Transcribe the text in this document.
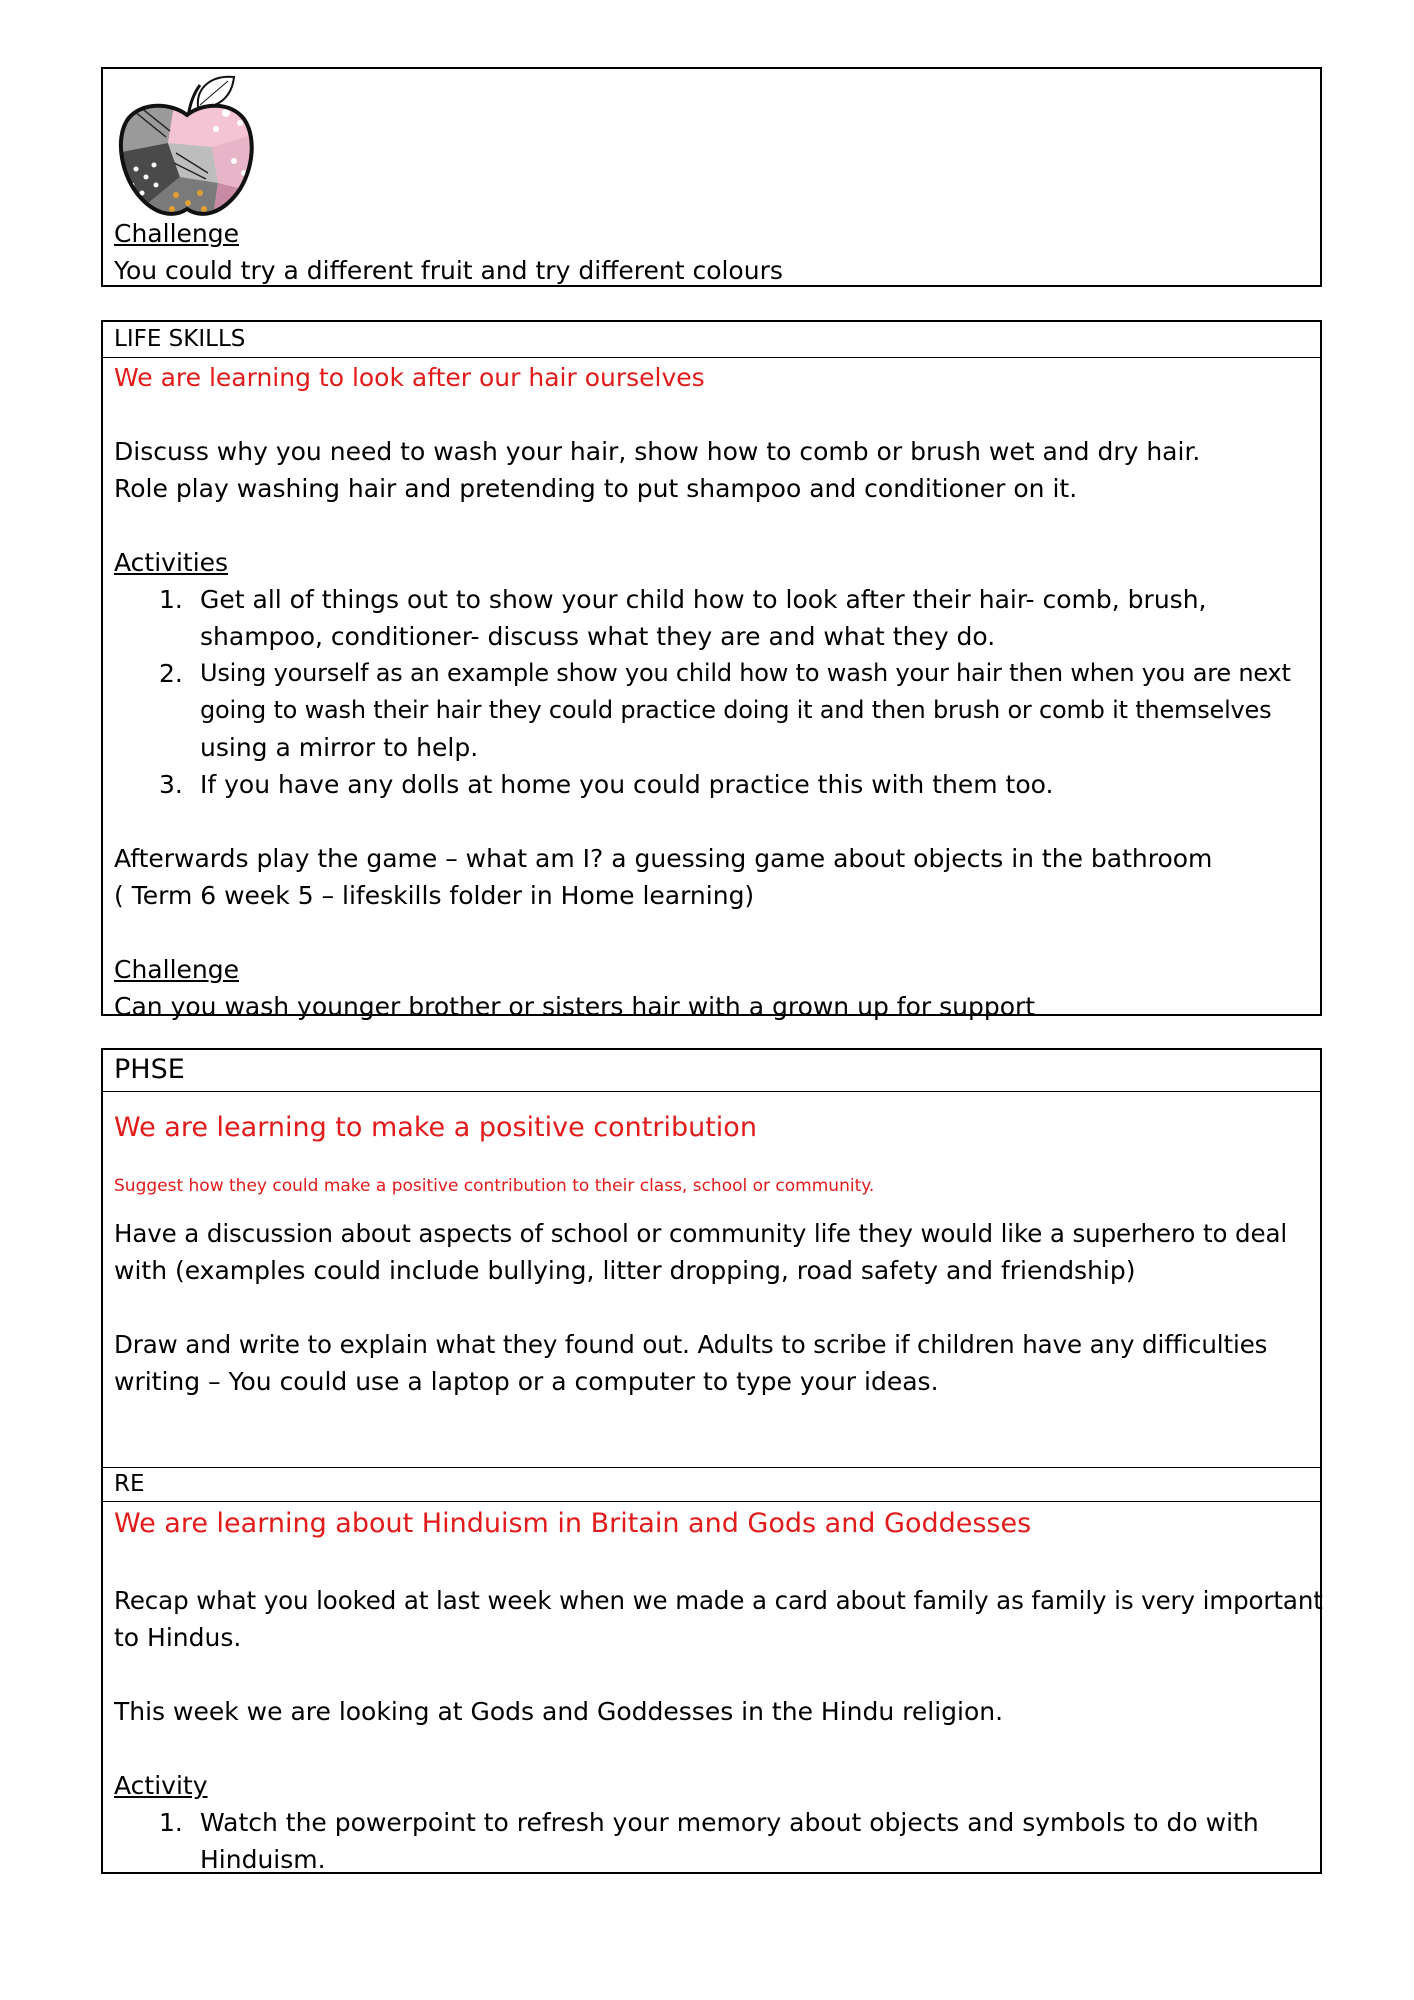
Challenge
You could try a different fruit and try different colours
LIFE SKILLS
We are learning to look after our hair ourselves
Discuss why you need to wash your hair, show how to comb or brush wet and dry hair.
Role play washing hair and pretending to put shampoo and conditioner on it.
Activities
1. Get all of things out to show your child how to look after their hair- comb, brush,
shampoo, conditioner- discuss what they are and what they do.
2. Using yourself as an example show you child how to wash your hair then when you are next
going to wash their hair they could practice doing it and then brush or comb it themselves
using a mirror to help.
3. If you have any dolls at home you could practice this with them too.
Afterwards play the game – what am I? a guessing game about objects in the bathroom
( Term 6 week 5 – lifeskills folder in Home learning)
Challenge
Can you wash younger brother or sisters hair with a grown up for support
PHSE
We are learning to make a positive contribution
Suggest how they could make a positive contribution to their class, school or community.
Have a discussion about aspects of school or community life they would like a superhero to deal
with (examples could include bullying, litter dropping, road safety and friendship)
Draw and write to explain what they found out. Adults to scribe if children have any difficulties
writing – You could use a laptop or a computer to type your ideas.
RE
We are learning about Hinduism in Britain and Gods and Goddesses
Recap what you looked at last week when we made a card about family as family is very important
to Hindus.
This week we are looking at Gods and Goddesses in the Hindu religion.
Activity
1. Watch the powerpoint to refresh your memory about objects and symbols to do with
Hinduism.
